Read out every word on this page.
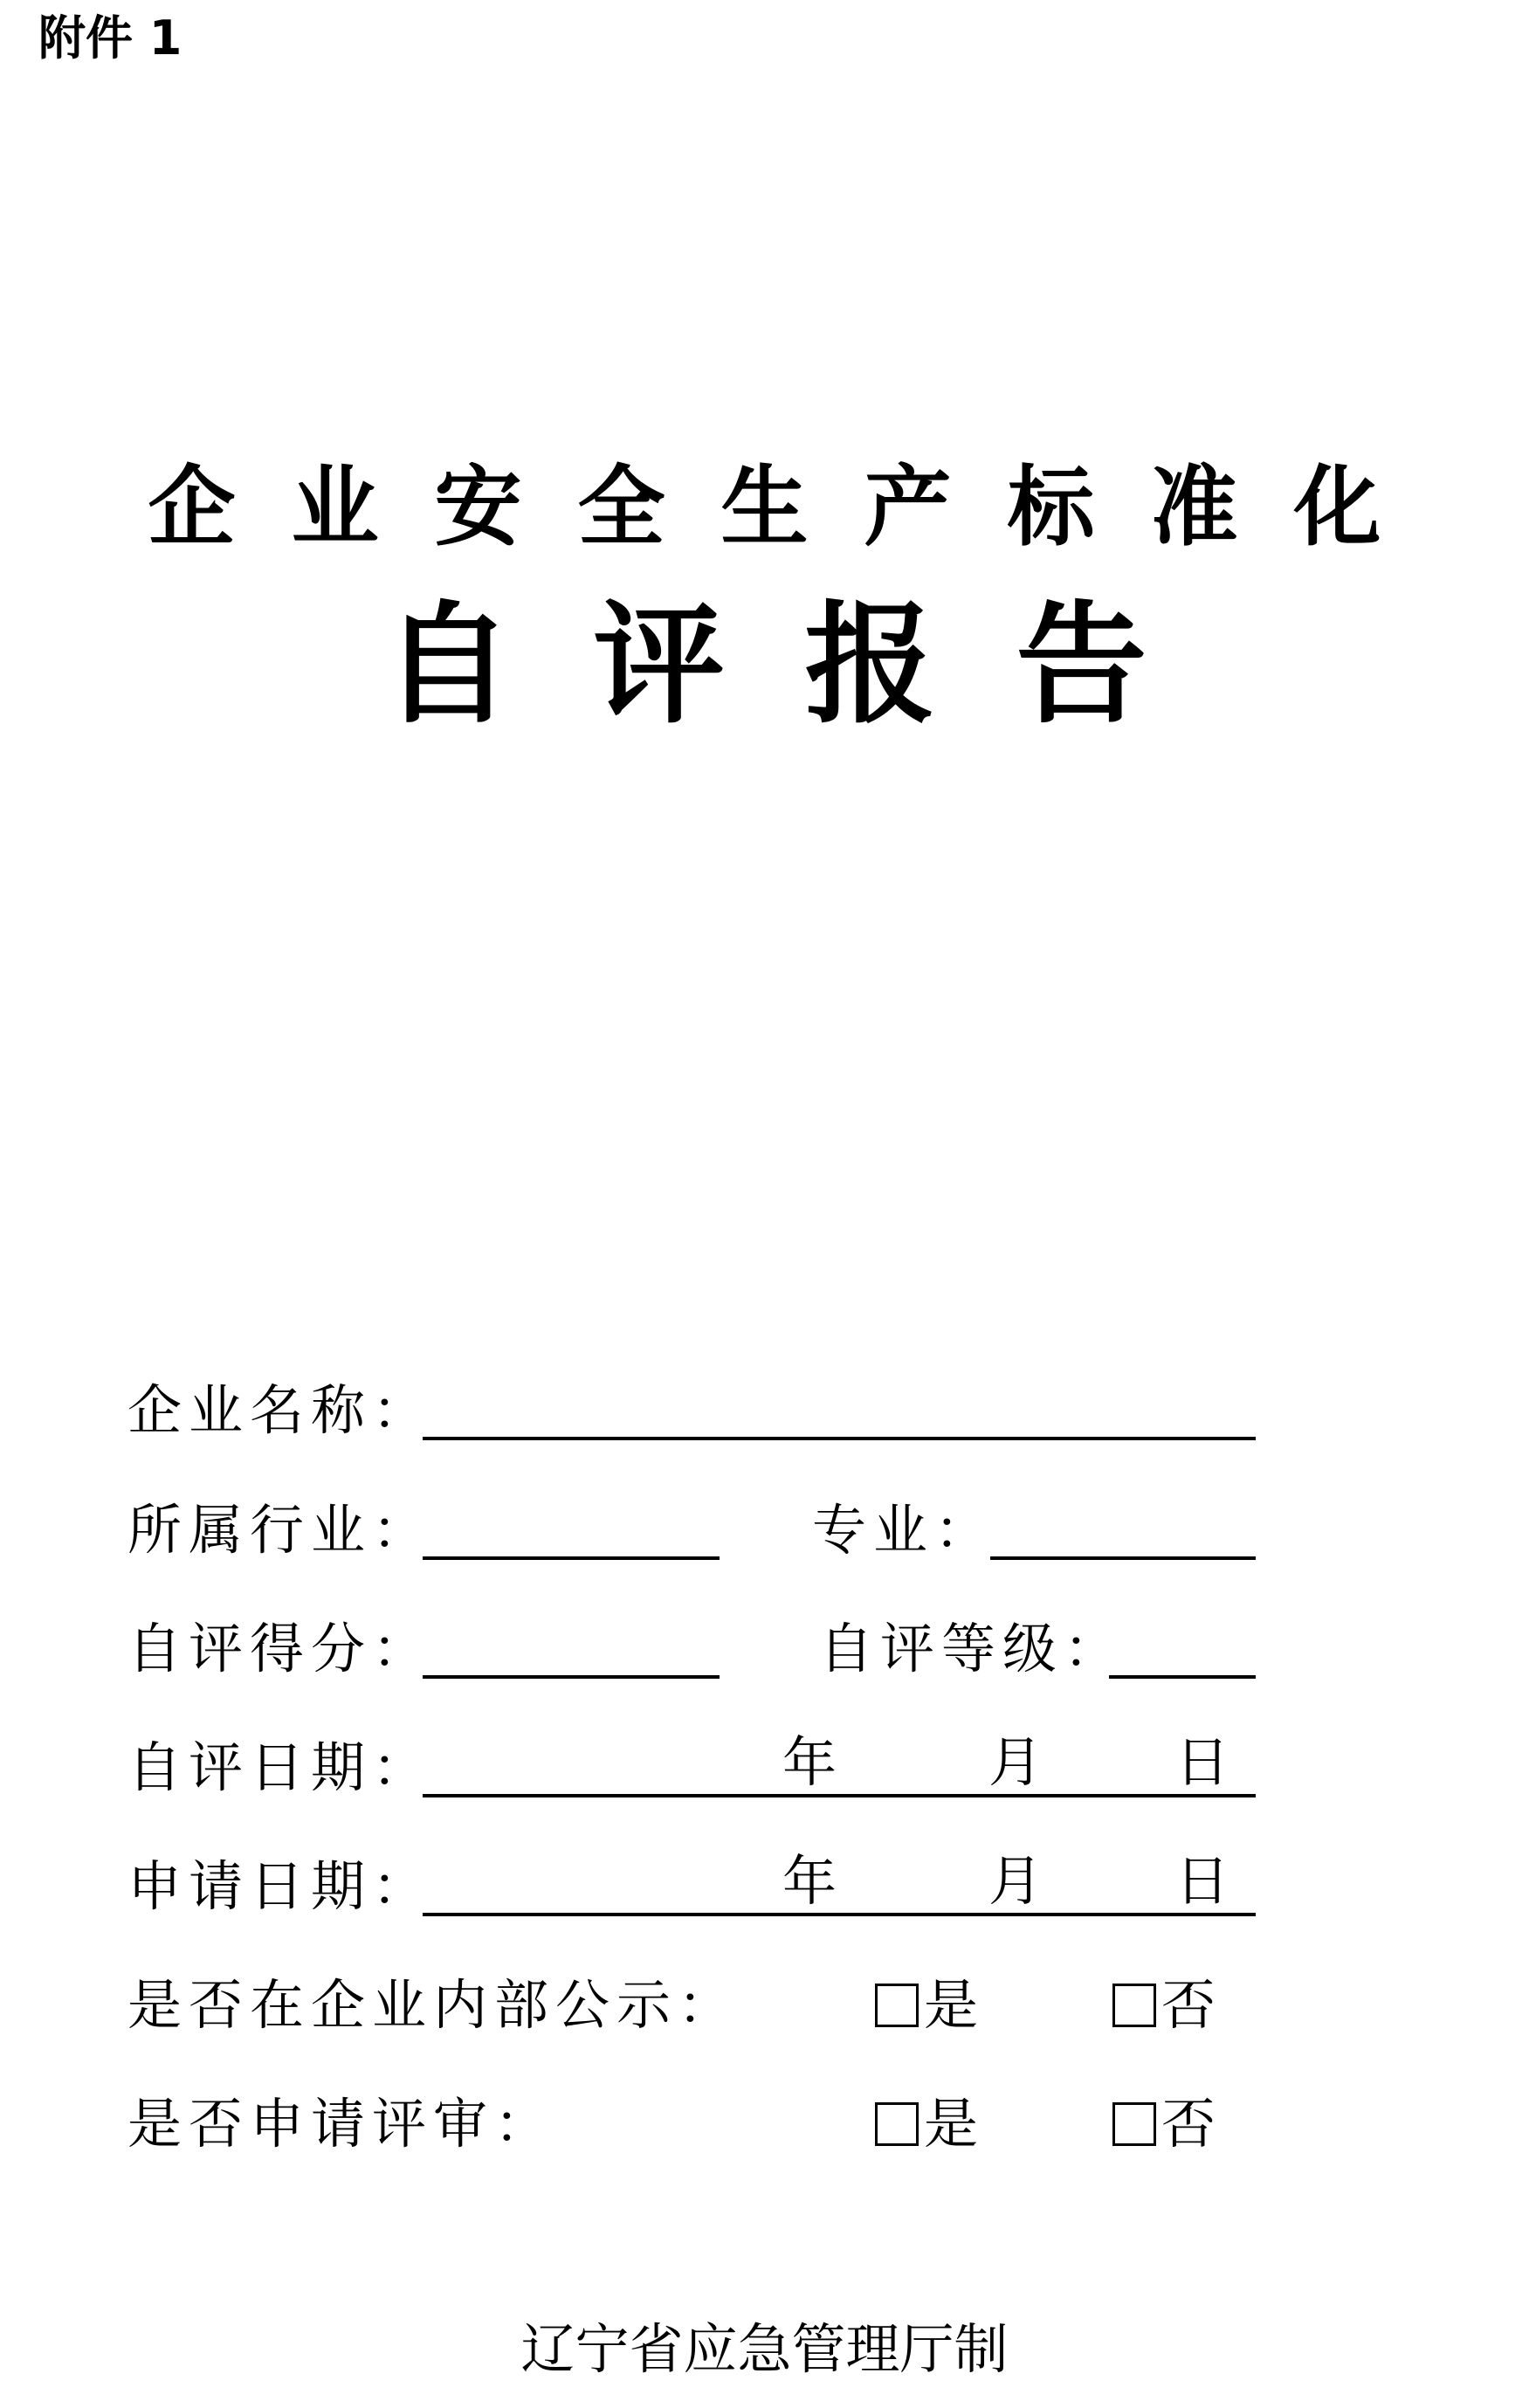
附件 1
企业安全生产标准化
自评报告
企业名称：
所属行业：	专业：
自评得分：	自评等级：
自评日期：	年	月 日
申请日期：	年	月 日
是否在企业内部公示：	是	否
是否申请评审：	是	否
辽宁省应急管理厅制
